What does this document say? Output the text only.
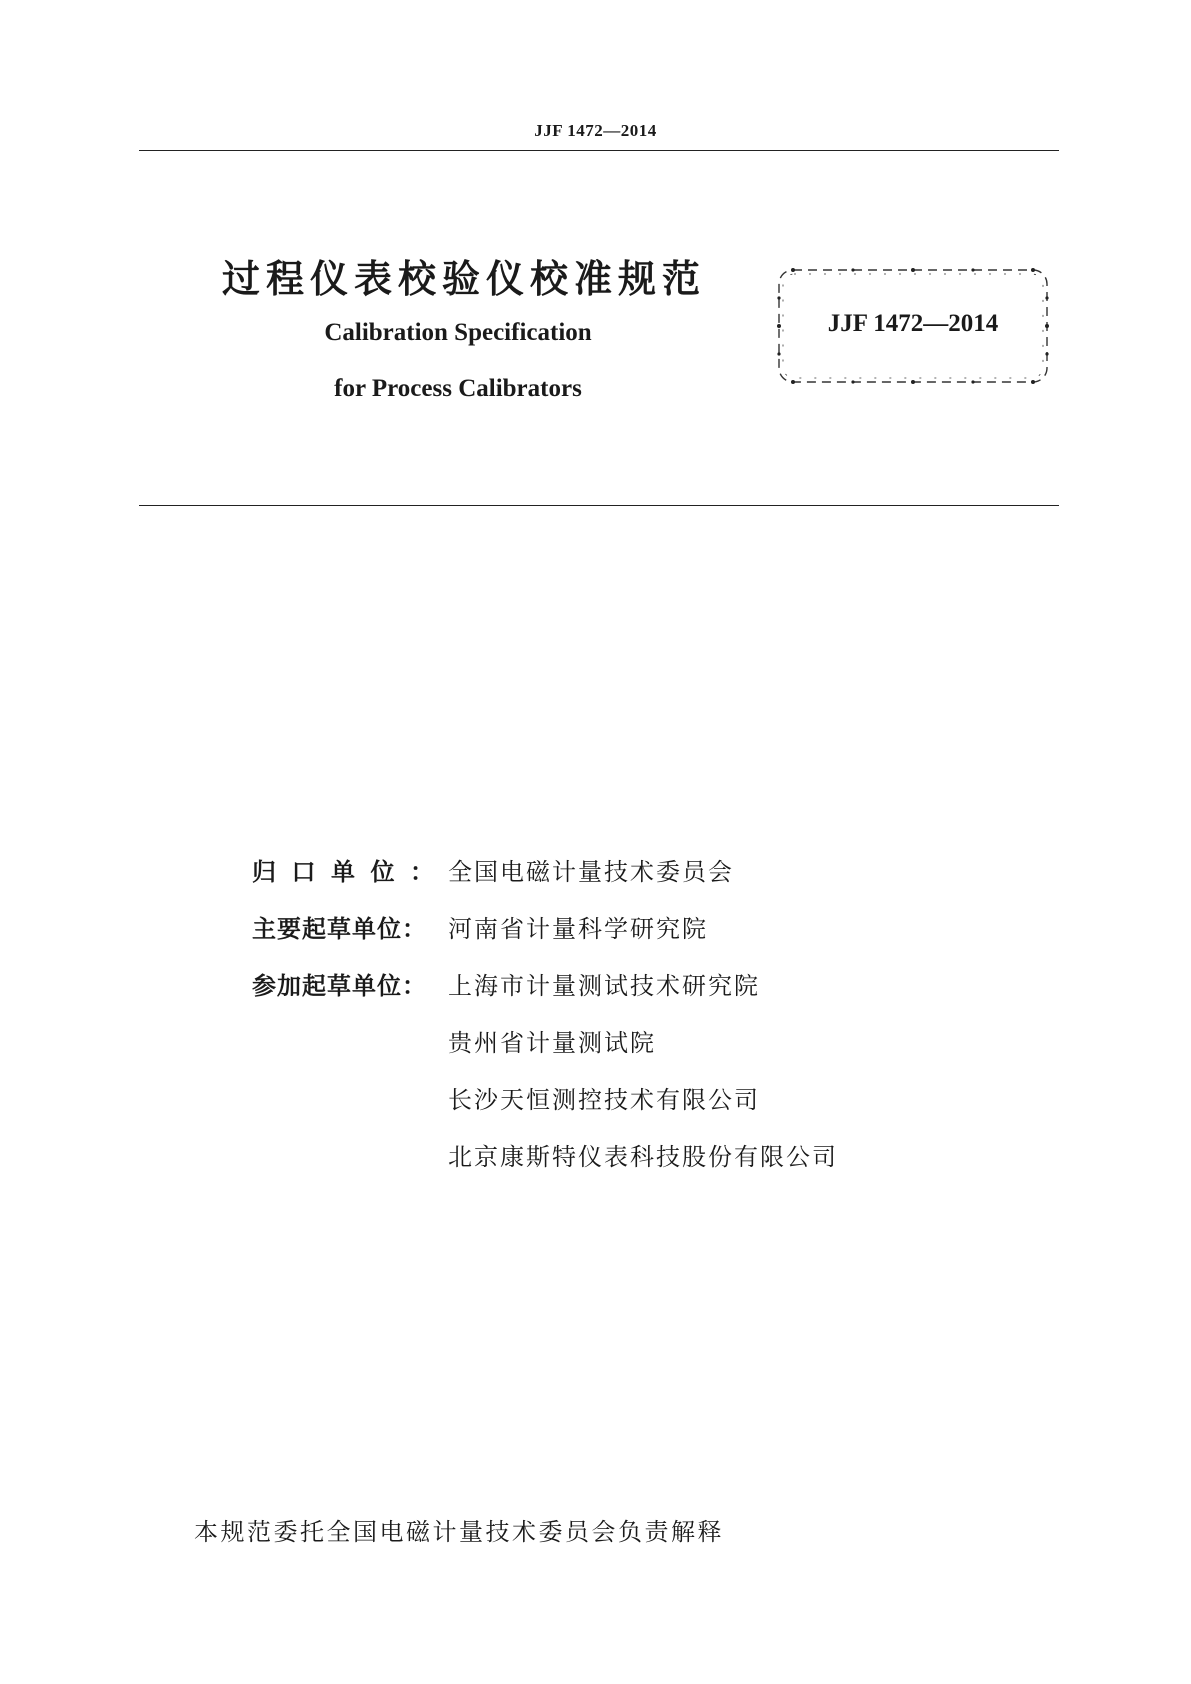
JJF 1472—2014
过程仪表校验仪校准规范
Calibration Specification
for Process Calibrators
JJF 1472—2014
归口单位：全国电磁计量技术委员会
主要起草单位： 河南省计量科学研究院
参加起草单位： 上海市计量测试技术研究院
贵州省计量测试院
长沙天恒测控技术有限公司
北京康斯特仪表科技股份有限公司
本规范委托全国电磁计量技术委员会负责解释
